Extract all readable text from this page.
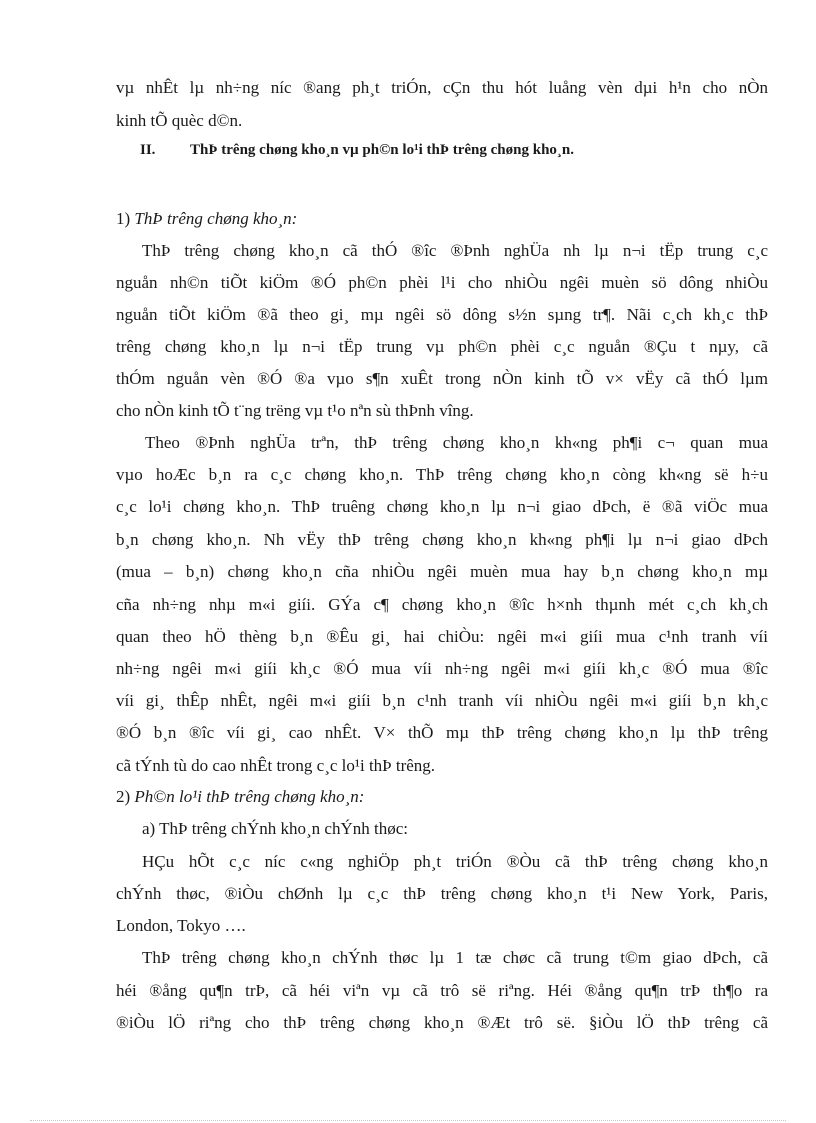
vµ nhÊt lµ nh÷ng níc ®ang ph¸t triÓn, cÇn thu hót luång vèn dµi h¹n cho nÒn
kinh tÕ quèc d©n.
II. ThÞ trêng chøng kho¸n vµ ph©n lo¹i thÞ trêng chøng kho¸n.
1) ThÞ trêng chøng kho¸n:
ThÞ trêng chøng kho¸n cã thÓ ®îc ®Þnh nghÜa nh lµ n¬i tËp trung c¸c
nguån nh©n tiÕt kiÖm ®Ó ph©n phèi l¹i cho nhiÒu ngêi muèn sö dông nhiÒu
nguån tiÕt kiÖm ®ã theo gi¸ mµ ngêi sö dông s½n sµng tr¶. Nãi c¸ch kh¸c thÞ
trêng chøng kho¸n lµ n¬i tËp trung vµ ph©n phèi c¸c nguån ®Çu t nµy, cã
thÓm nguån vèn ®Ó ®a vµo s¶n xuÊt trong nÒn kinh tÕ v× vËy cã thÓ lµm
cho nÒn kinh tÕ t¨ng trëng vµ t¹o nªn sù thÞnh vîng.
Theo ®Þnh nghÜa trªn, thÞ trêng chøng kho¸n kh«ng ph¶i c¬ quan mua
vµo hoÆc b¸n ra c¸c chøng kho¸n. ThÞ trêng chøng kho¸n còng kh«ng së h÷u
c¸c lo¹i chøng kho¸n. ThÞ truêng chøng kho¸n lµ n¬i giao dÞch, ë ®ã viÖc mua
b¸n chøng kho¸n. Nh vËy thÞ trêng chøng kho¸n kh«ng ph¶i lµ n¬i giao dÞch
(mua – b¸n) chøng kho¸n cña nhiÒu ngêi muèn mua hay b¸n chøng kho¸n mµ
cña nh÷ng nhµ m«i giíi. GÝa c¶ chøng kho¸n ®îc h×nh thµnh mét c¸ch kh¸ch
quan theo hÖ thèng b¸n ®Êu gi¸ hai chiÒu: ngêi m«i giíi mua c¹nh tranh víi
nh÷ng ngêi m«i giíi kh¸c ®Ó mua víi nh÷ng ngêi m«i giíi kh¸c ®Ó mua ®îc
víi gi¸ thÊp nhÊt, ngêi m«i giíi b¸n c¹nh tranh víi nhiÒu ngêi m«i giíi b¸n kh¸c
®Ó b¸n ®îc víi gi¸ cao nhÊt. V× thÕ mµ thÞ trêng chøng kho¸n lµ thÞ trêng
cã tÝnh tù do cao nhÊt trong c¸c lo¹i thÞ trêng.
2) Ph©n lo¹i thÞ trêng chøng kho¸n:
a) ThÞ trêng chÝnh kho¸n chÝnh thøc:
HÇu hÕt c¸c níc c«ng nghiÖp ph¸t triÓn ®Òu cã thÞ trêng chøng kho¸n
chÝnh thøc, ®iÒu chØnh lµ c¸c thÞ trêng chøng kho¸n t¹i New York, Paris,
London, Tokyo ….
ThÞ trêng chøng kho¸n chÝnh thøc lµ 1 tæ chøc cã trung t©m giao dÞch, cã
héi ®ång qu¶n trÞ, cã héi viªn vµ cã trô së riªng. Héi ®ång qu¶n trÞ th¶o ra
®iÒu lÖ riªng cho thÞ trêng chøng kho¸n ®Æt trô së. §iÒu lÖ thÞ trêng cã
